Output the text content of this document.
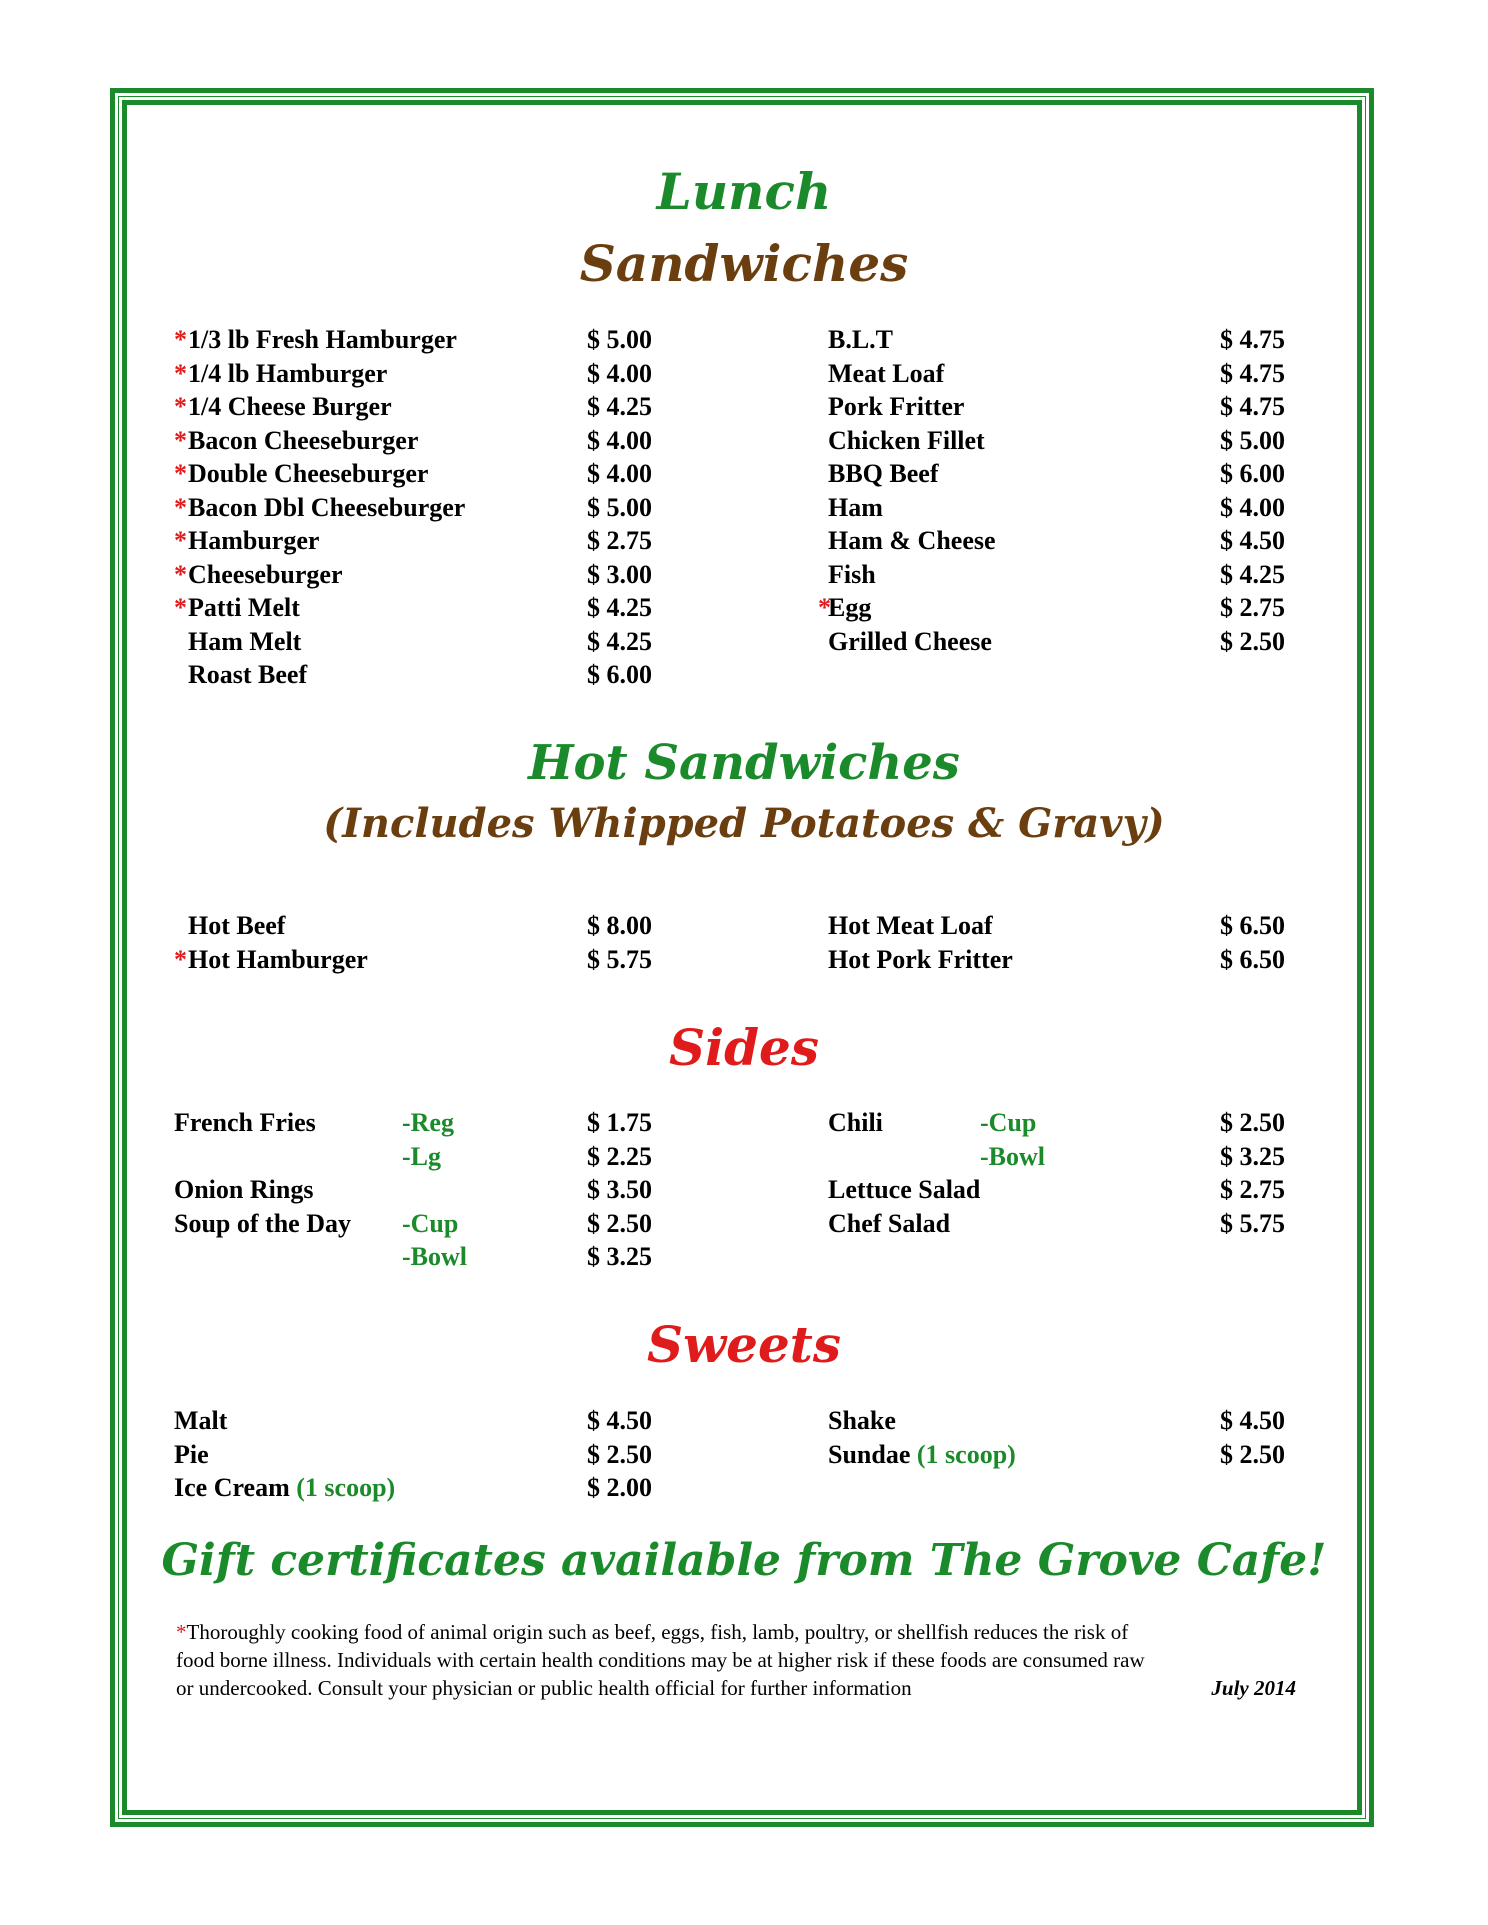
Lunch
Sandwiches
* 1/3 lb Fresh Hamburger	$ 5.00
* 1/4 lb Hamburger	$ 4.00
* 1/4 Cheese Burger	$ 4.25
* Bacon Cheeseburger	$ 4.00
* Double Cheeseburger	$ 4.00
* Bacon Dbl Cheeseburger	$ 5.00
* Hamburger	$ 2.75
* Cheeseburger	$ 3.00
* Patti Melt	$ 4.25
Ham Melt	$ 4.25
Roast Beef	$ 6.00
B.L.T	$ 4.75
Meat Loaf	$ 4.75
Pork Fritter	$ 4.75
Chicken Fillet	$ 5.00
BBQ Beef	$ 6.00
Ham	$ 4.00
Ham & Cheese	$ 4.50
Fish	$ 4.25
*
Egg	$ 2.75
Grilled Cheese	$ 2.50
Hot Sandwiches
(Includes Whipped Potatoes & Gravy)
Hot Beef	$ 8.00
* Hot Hamburger	$ 5.75
Hot Meat Loaf	$ 6.50
Hot Pork Fritter	$ 6.50
Sides
French Fries	-Reg	$ 1.75
-Lg	$ 2.25
Onion Rings	$ 3.50
Soup of the Day -Cup	$ 2.50
-Bowl	$ 3.25
Chili	-Cup	$ 2.50
-Bowl	$ 3.25
Lettuce Salad	$ 2.75
Chef Salad	$ 5.75
Sweets
Malt	$ 4.50
Pie	$ 2.50
Ice Cream (1 scoop)	$ 2.00
Shake	$ 4.50
Sundae (1 scoop)	$ 2.50
Gift certificates available from The Grove Cafe!
*Thoroughly cooking food of animal origin such as beef, eggs, fish, lamb, poultry, or shellfish reduces the risk of
food borne illness. Individuals with certain health conditions may be at higher risk if these foods are consumed raw
or undercooked. Consult your physician or public health official for further information	July 2014
